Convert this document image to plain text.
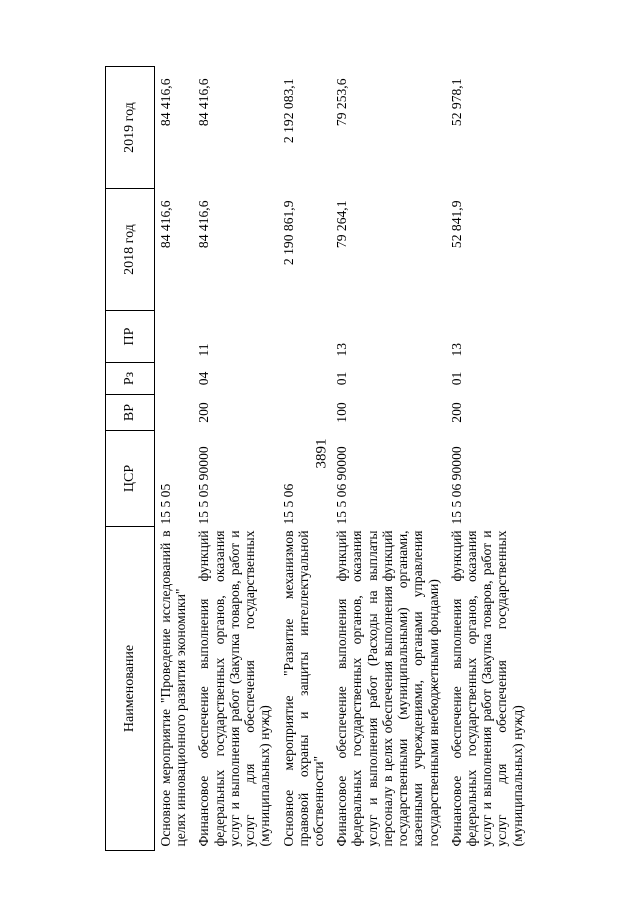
3891
Наименование	ЦСР	ВР	Рз	ПР	2018 год	2019 год
Основное мероприятие "Проведение исследований в целях инновационного развития экономики"	15 5 05				84 416,6	84 416,6
Финансовое обеспечение выполнения функций федеральных государственных органов, оказания услуг и выполнения работ (Закупка товаров, работ и услуг для обеспечения государственных (муниципальных) нужд)	15 5 05 90000	200	04	11	84 416,6	84 416,6
Основное мероприятие "Развитие механизмов правовой охраны и защиты интеллектуальной собственности"	15 5 06				2 190 861,9	2 192 083,1
Финансовое обеспечение выполнения функций федеральных государственных органов, оказания услуг и выполнения работ (Расходы на выплаты персоналу в целях обеспечения выполнения функций государственными (муниципальными) органами, казенными учреждениями, органами управления государственными внебюджетными фондами)	15 5 06 90000	100	01	13	79 264,1	79 253,6
Финансовое обеспечение выполнения функций федеральных государственных органов, оказания услуг и выполнения работ (Закупка товаров, работ и услуг для обеспечения государственных (муниципальных) нужд)	15 5 06 90000	200	01	13	52 841,9	52 978,1
